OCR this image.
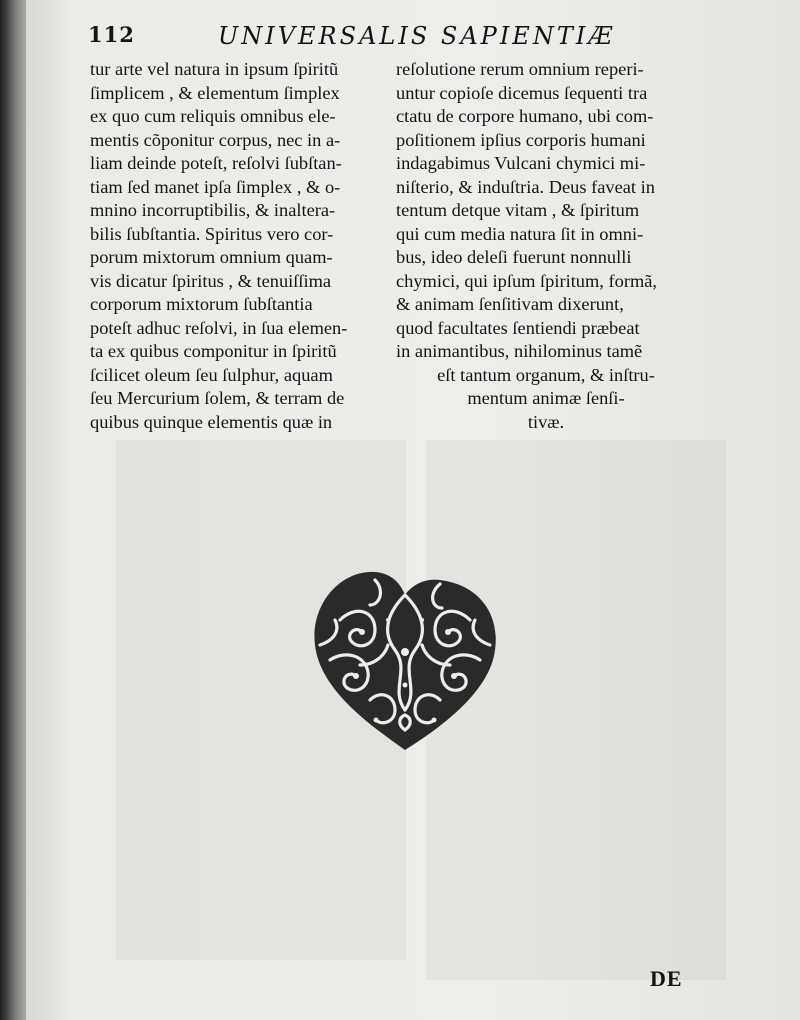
112	UNIVERSALIS SAPIENTIÆ
tur arte vel natura in ipsum ſpiritũ
ſimplicem , & elementum ſimplex
ex quo cum reliquis omnibus ele-
mentis cõponitur corpus, nec in a-
liam deinde poteſt, reſolvi ſubſtan-
tiam ſed manet ipſa ſimplex , & o-
mnino incorruptibilis, & inaltera-
bilis ſubſtantia. Spiritus vero cor-
porum mixtorum omnium quam-
vis dicatur ſpiritus , & tenuiſſima
corporum mixtorum ſubſtantia
poteſt adhuc reſolvi, in ſua elemen-
ta ex quibus componitur in ſpiritũ
ſcilicet oleum ſeu ſulphur, aquam
ſeu Mercurium ſolem, & terram de
quibus quinque elementis quæ in
reſolutione rerum omnium reperi-
untur copioſe dicemus ſequenti tra
ctatu de corpore humano, ubi com-
poſitionem ipſius corporis humani
indagabimus Vulcani chymici mi-
niſterio, & induſtria. Deus faveat in
tentum detque vitam , & ſpiritum
qui cum media natura ſit in omni-
bus, ideo deleſi fuerunt nonnulli
chymici, qui ipſum ſpiritum, formã,
& animam ſenſitivam dixerunt,
quod facultates ſentiendi præbeat
in animantibus, nihilominus tamẽ
eſt tantum organum, & inſtru-
mentum animæ ſenſi-
tivæ.
DE
